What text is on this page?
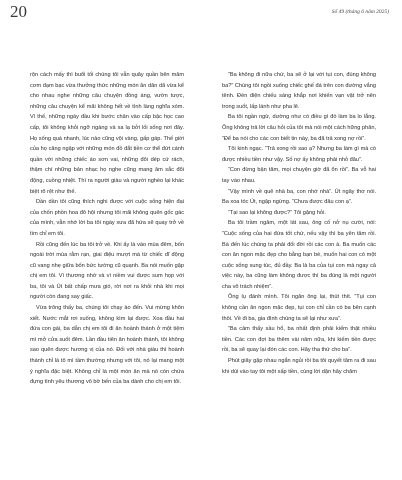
20	Số 49 (tháng 6 năm 2025)

rộn cách mấy thì buổi tối chúng tôi vẫn quây quần bên mâm cơm đạm bạc vừa thưởng thức những món ăn dân dã vừa kể cho nhau nghe những câu chuyện đồng áng, vườn tược, những câu chuyện kể mãi không hết về tình làng nghĩa xóm. Vì thế, những ngày đầu khi bước chân vào cấp bậc học cao cấp, tôi không khỏi ngỡ ngàng và xa lạ bởi lối sống nơi đây. Họ sống quá nhanh, lúc nào cũng vội vàng, gấp gáp. Thế giới của họ căng ngập với những món đồ đắt tiền cơ thể đứt cánh quần với những chiếc áo sơn vai, những đôi dép cứ rách, thậm chí những bản nhạc họ nghe cũng mang âm sắc đổi động, cuồng nhiệt. Thì ra người giàu và người nghèo lại khác biệt rõ rệt như thế.

Dần dần tôi cũng thích nghi được với cuộc sống hiện đại của chốn phồn hoa đô hội nhưng tôi mãi không quên gốc gác của mình, vẫn nhớ lời ba tôi ngày xưa đã hứa sẽ quay trở về tìm chỉ em tôi.

Rồi cũng đến lúc ba tôi trở về. Khi ấy là vào mùa đêm, bốn ngoài trời mùa rằm rạn, giai điệu mượt mà từ chiếc dĩ động cũ vang nhẹ giữa bốn bức tường cũ quạnh. Ba nói muốn gặp chị em tôi. Vì thương nhớ và vì niềm vui được sum họp với ba, tôi và Út bất chấp mưa gió, rời nơi ra khỏi nhà khi mọi người còn đang say giấc.

Vừa trông thấy ba, chúng tôi chạy ào đến. Vui mừng khôn xiết. Nước mắt rơi xuống, không kìm lại được. Xoa đầu hai đứa con gái, ba dẫn chị em tôi đi ăn hoành thánh ở một tiệm mì mở cửa suốt đêm. Lần đầu tiên ăn hoành thánh, tôi không sao quên được hương vị của nó. Đối với nhà giàu thì hoành thánh chỉ là tô mì tầm thường nhưng với tôi, nó lại mang một ý nghĩa đặc biệt. Không chỉ là một món ăn mà nó còn chứa đựng tình yêu thương vô bờ bến của ba dành cho chị em tôi.

“Ba không đi nữa chứ, ba sẽ ở lại với tụi con, đúng không ba?” Chúng tôi ngồi xuống chiếc ghế đá trên con đường vắng tênh. Đèn điện chiếu sáng khắp nơi khiến vạn vật trở nên trong suốt, lấp lánh như pha lê.

Ba tôi ngần ngừ, dường như có điều gì đó làm ba lo lắng. Ông không trả lời câu hỏi của tôi mà nói một cách hững phân, “Để ba nói cho các con biết tin này, ba đã trả xong nợ rồi”.

Tôi kinh ngạc. “Trả xong rồi sao ạ? Nhưng ba làm gì mà có được nhiều tiền như vậy. Số nợ ấy không phải nhỏ đâu”.

“Con đừng bận tâm, mọi chuyện giờ đã ổn rồi”. Ba vỗ hai tay vào nhau.

“Vậy mình về quê nhà ba, con nhớ nhà”. Út ngây thơ nói. Ba xoa tóc Út, ngập ngừng. “Chưa được đâu con ạ”.

“Tại sao lại không được?” Tôi gặng hỏi.

Ba tôi trầm ngâm, một lát sau, ông cố nở nụ cười, nói: “Cuộc sống của hai đứa tốt chứ, nếu vậy thì ba yên tâm rồi. Bà đến lúc chúng ta phải đối đời rồi các con à. Ba muốn các con ăn ngon mặc đẹp cho bằng bạn bè, muốn hai con có một cuộc sống sung túc, đủ đầy. Ba là ba của tụi con mà ngay cả việc này, ba cũng làm không được thì ba đúng là một người cha vô trách nhiệm”.

Ông lụ đánh mình. Tôi ngăn ông lại, thút thít. “Tụi con không cần ăn ngon mặc đẹp, tụi con chỉ cần có ba bên cạnh thôi. Về đi ba, gia đình chúng ta sẽ lại như xưa”.

“Ba cảm thấy sầu hổ, ba nhất định phải kiếm thật nhiều tiền. Các con đợi ba thêm vài năm nữa, khi kiếm tiền được rồi, ba sẽ quay lại đón các con. Hãy tha thứ cho ba”.

Phút giây gặp nhau ngắn ngủi rồi ba tôi quyết tâm ra đi sau khi dúi vào tay tôi một xấp tiền, cùng lời dặn hãy chăm
